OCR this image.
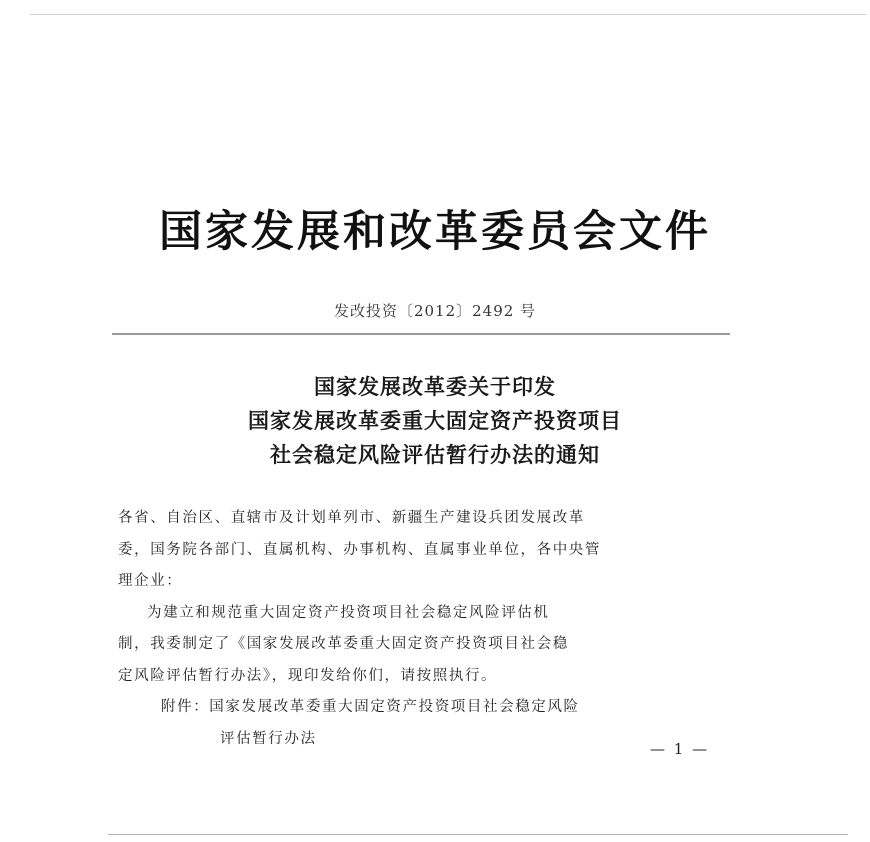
国家发展和改革委员会文件
发改投资〔2012〕2492 号
国家发展改革委关于印发
国家发展改革委重大固定资产投资项目
社会稳定风险评估暂行办法的通知
各省、自治区、直辖市及计划单列市、新疆生产建设兵团发展改革
委，国务院各部门、直属机构、办事机构、直属事业单位，各中央管
理企业：
为建立和规范重大固定资产投资项目社会稳定风险评估机
制，我委制定了《国家发展改革委重大固定资产投资项目社会稳
定风险评估暂行办法》，现印发给你们，请按照执行。
附件：国家发展改革委重大固定资产投资项目社会稳定风险
评估暂行办法
— 1 —
